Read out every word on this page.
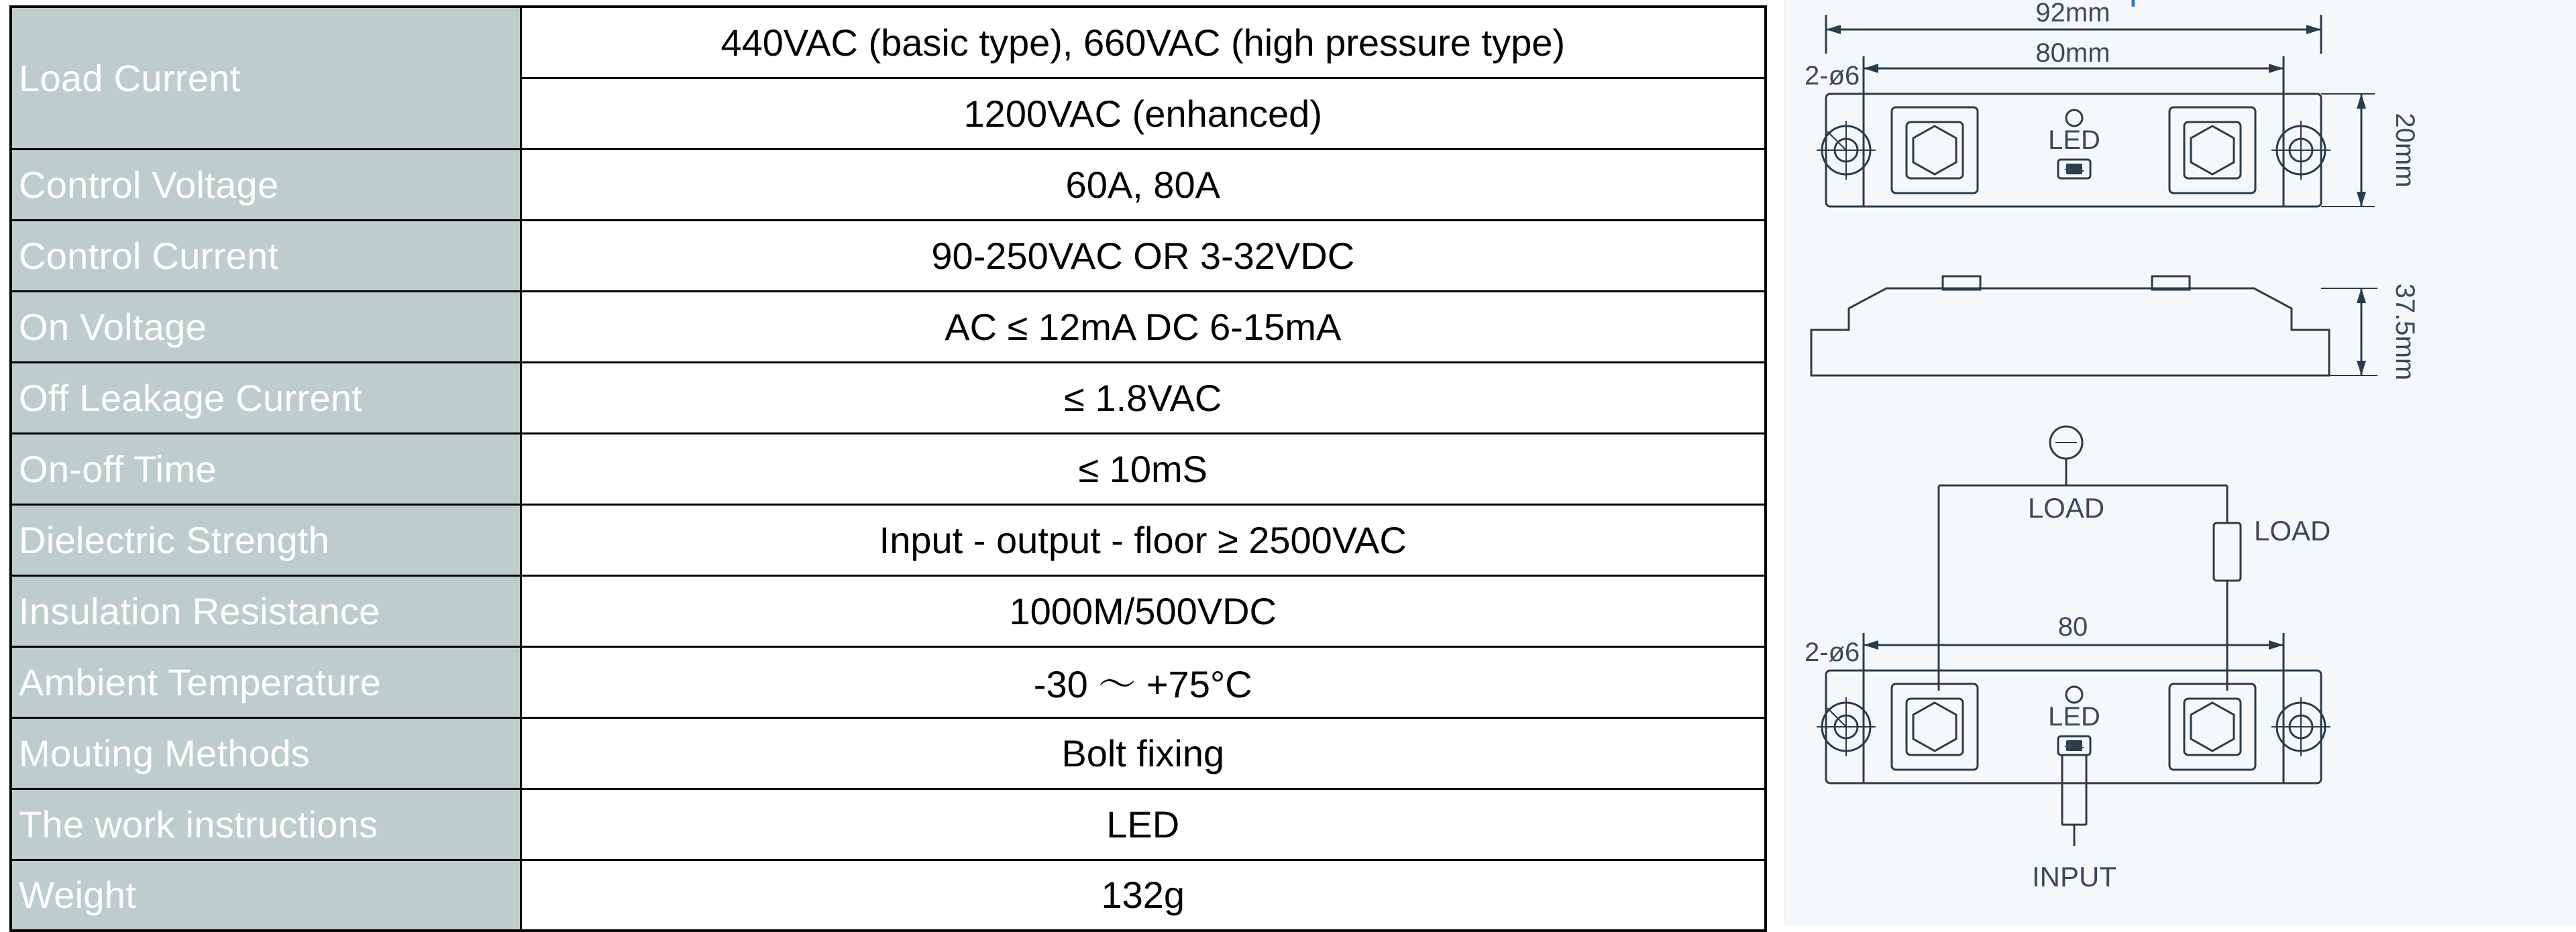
Load Current	440VAC (basic type), 660VAC (high pressure type)
	1200VAC (enhanced)
Control Voltage	60A, 80A
Control Current	90-250VAC OR 3-32VDC
On Voltage	AC ≤ 12mA DC 6-15mA
Off Leakage Current	≤ 1.8VAC
On-off Time	≤ 10mS
Dielectric Strength	Input - output - floor ≥ 2500VAC
Insulation Resistance	1000M/500VDC
Ambient Temperature	-30 ～ +75°C
Mouting Methods	Bolt fixing
The work instructions	LED
Weight	132g
92mm
80mm
2-ø6
LED
+ -	20mm
37.5mm
LOAD
LOAD
80
2-ø6
LED
+ -
INPUT
